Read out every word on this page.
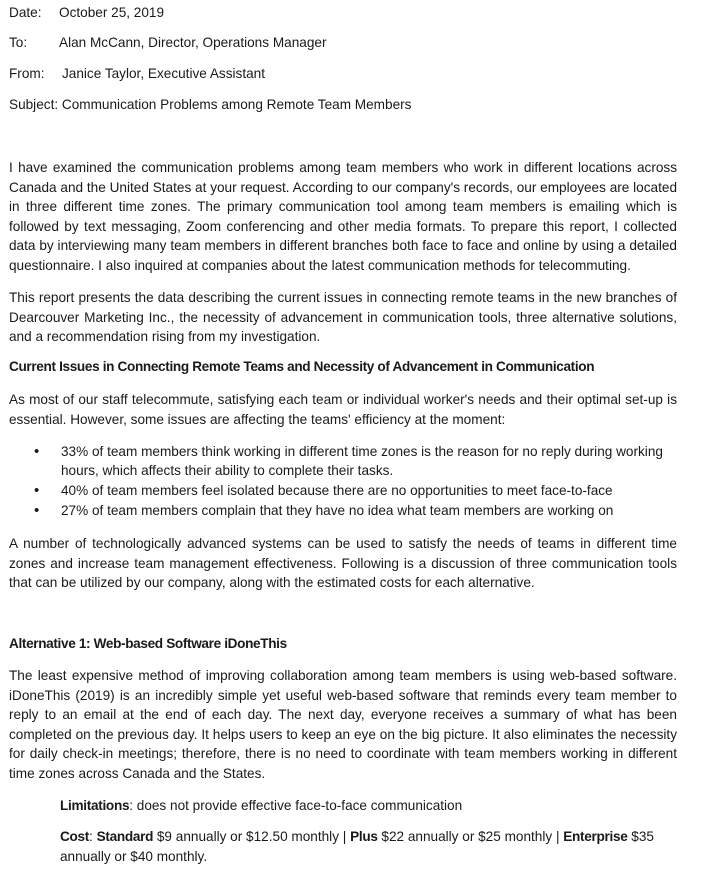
Date: October 25, 2019
To: Alan McCann, Director, Operations Manager
From: Janice Taylor, Executive Assistant
Subject: Communication Problems among Remote Team Members

I have examined the communication problems among team members who work in different locations across Canada and the United States at your request. According to our company's records, our employees are located in three different time zones. The primary communication tool among team members is emailing which is followed by text messaging, Zoom conferencing and other media formats. To prepare this report, I collected data by interviewing many team members in different branches both face to face and online by using a detailed questionnaire. I also inquired at companies about the latest communication methods for telecommuting.

This report presents the data describing the current issues in connecting remote teams in the new branches of Dearcouver Marketing Inc., the necessity of advancement in communication tools, three alternative solutions, and a recommendation rising from my investigation.

Current Issues in Connecting Remote Teams and Necessity of Advancement in Communication

As most of our staff telecommute, satisfying each team or individual worker's needs and their optimal set-up is essential. However, some issues are affecting the teams' efficiency at the moment:

• 33% of team members think working in different time zones is the reason for no reply during working hours, which affects their ability to complete their tasks.
• 40% of team members feel isolated because there are no opportunities to meet face-to-face
• 27% of team members complain that they have no idea what team members are working on

A number of technologically advanced systems can be used to satisfy the needs of teams in different time zones and increase team management effectiveness. Following is a discussion of three communication tools that can be utilized by our company, along with the estimated costs for each alternative.

Alternative 1: Web-based Software iDoneThis

The least expensive method of improving collaboration among team members is using web-based software. iDoneThis (2019) is an incredibly simple yet useful web-based software that reminds every team member to reply to an email at the end of each day. The next day, everyone receives a summary of what has been completed on the previous day. It helps users to keep an eye on the big picture. It also eliminates the necessity for daily check-in meetings; therefore, there is no need to coordinate with team members working in different time zones across Canada and the States.

Limitations: does not provide effective face-to-face communication

Cost: Standard $9 annually or $12.50 monthly | Plus $22 annually or $25 monthly | Enterprise $35 annually or $40 monthly.
